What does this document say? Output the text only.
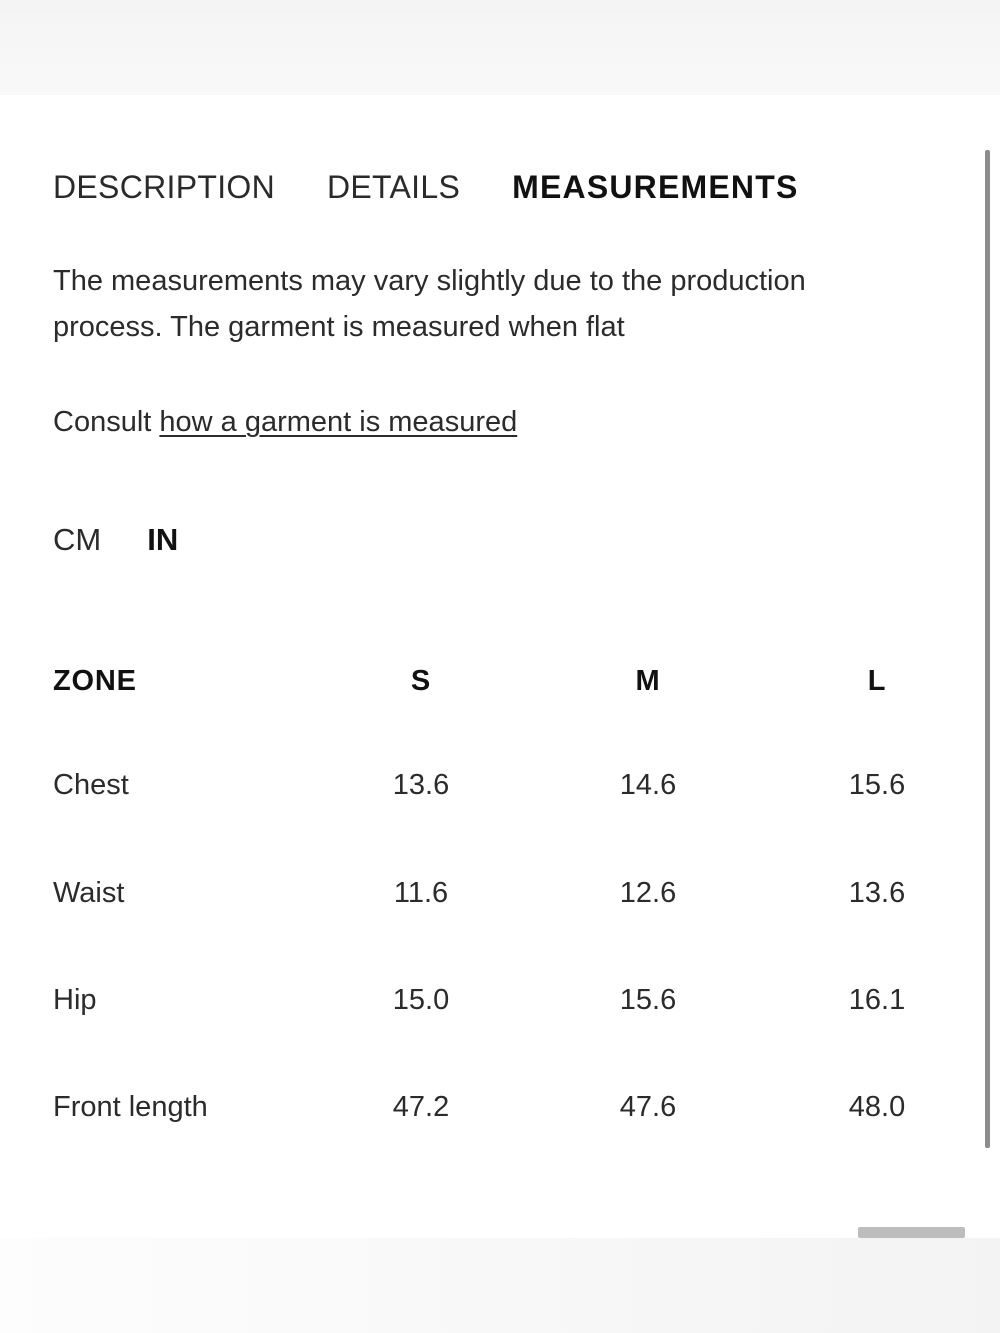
DESCRIPTION DETAILS MEASUREMENTS
The measurements may vary slightly due to the production
process. The garment is measured when flat
Consult how a garment is measured
CM IN
ZONE	S	M	L
Chest	13.6	14.6	15.6
Waist	11.6	12.6	13.6
Hip	15.0	15.6	16.1
Front length	47.2	47.6	48.0
